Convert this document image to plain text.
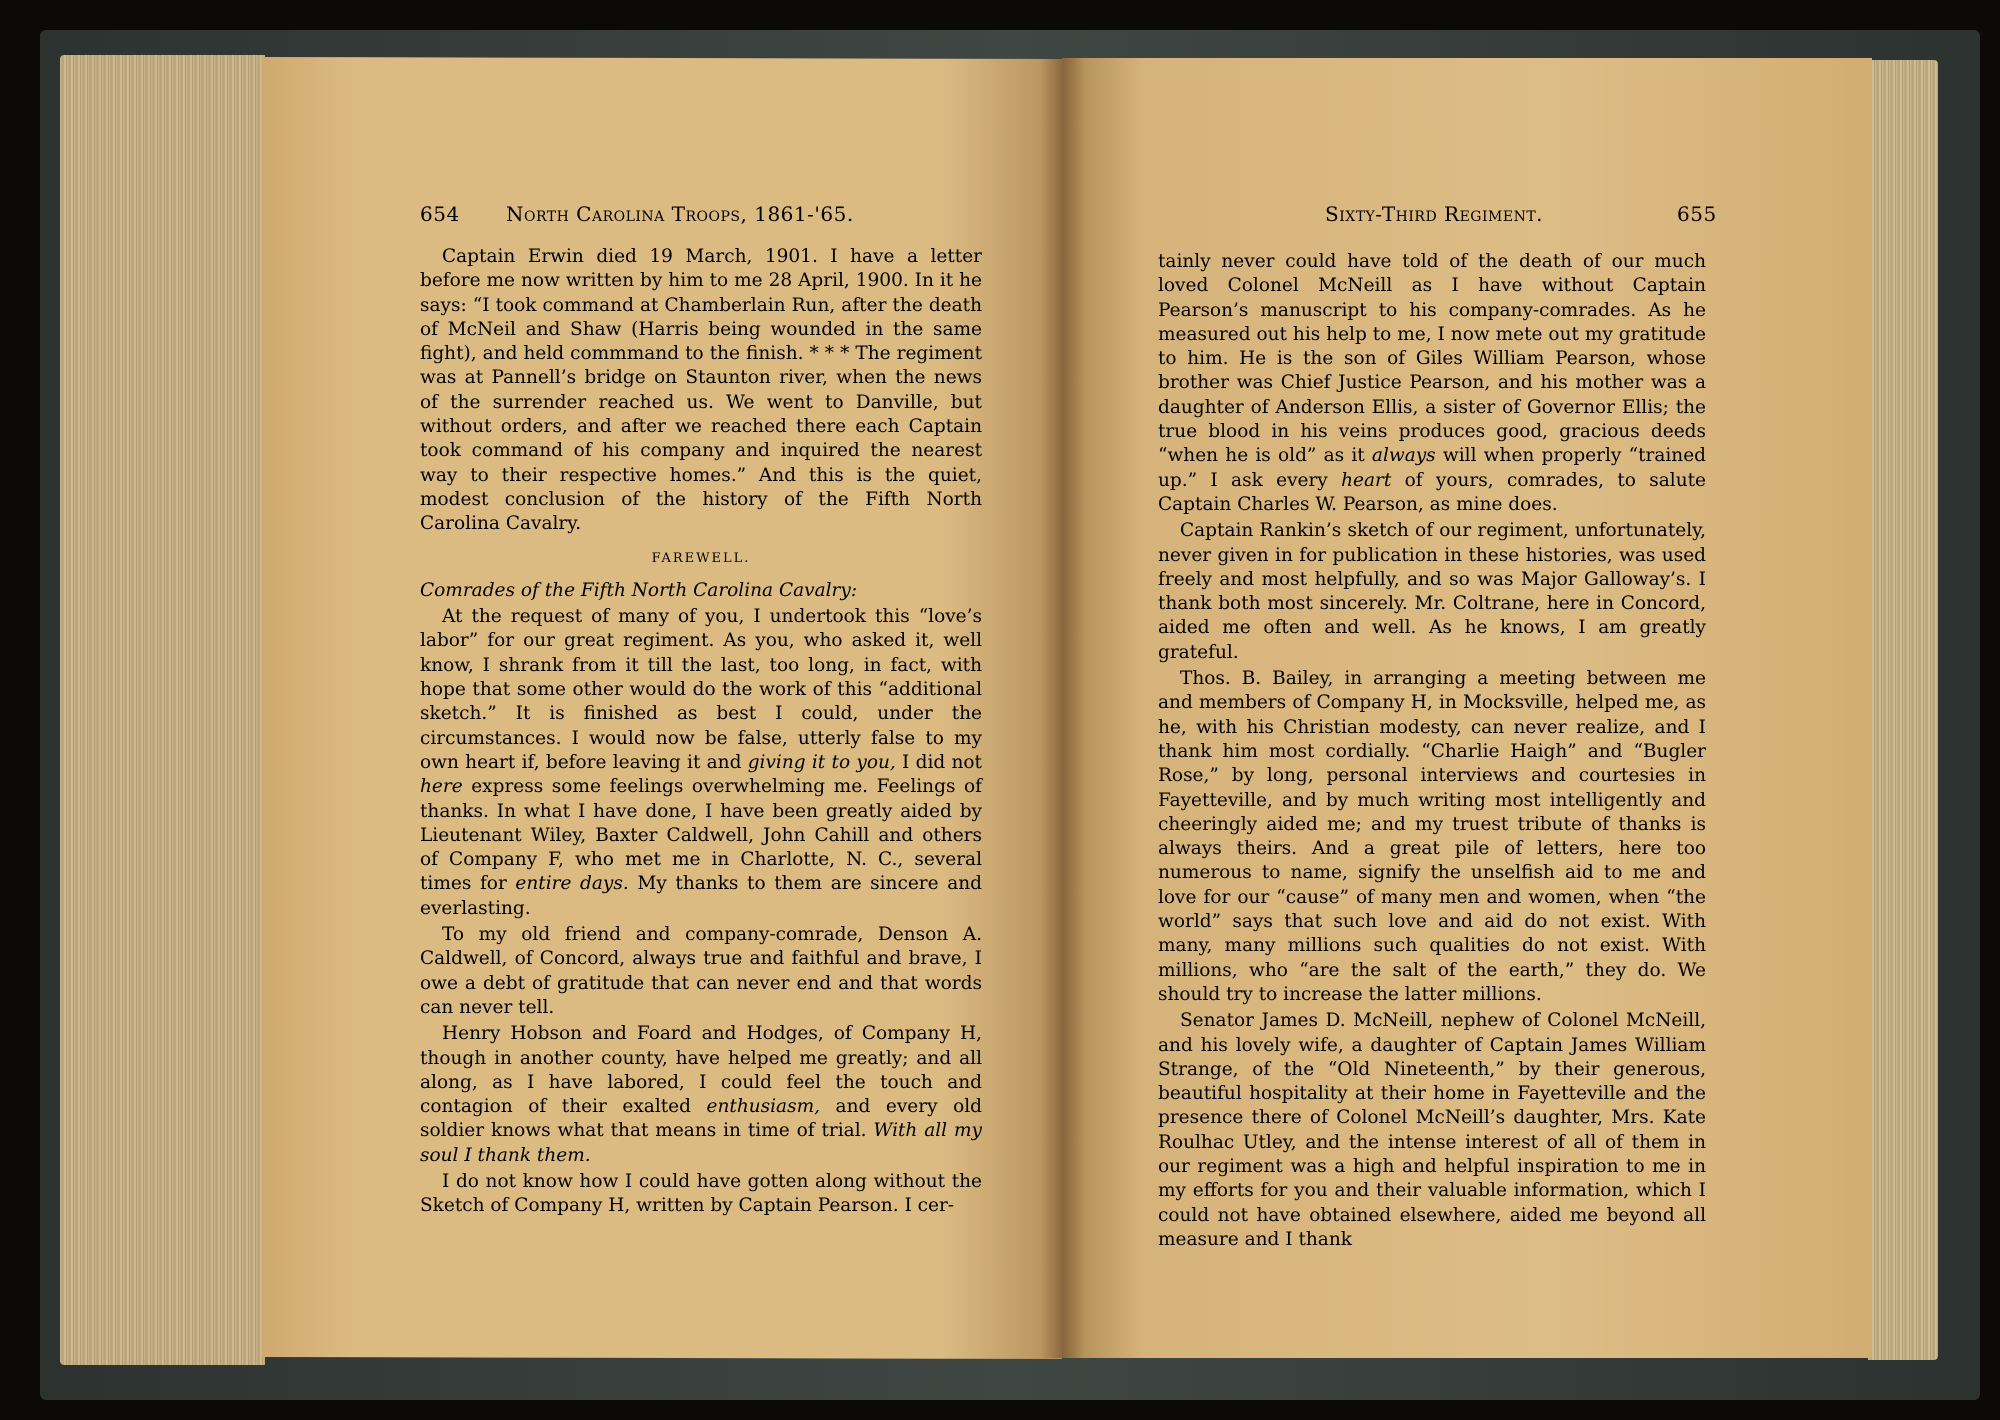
654 North Carolina Troops, 1861-'65.	Sixty-Third Regiment.	655

Captain Erwin died 19 March, 1901. I have a letter before me now written by him to me 28 April, 1900. In it he says: “I took command at Chamberlain Run, after the death of McNeil and Shaw (Harris being wounded in the same fight), and held commmand to the finish. * * * The regiment was at Pannell’s bridge on Staunton river, when the news of the surrender reached us. We went to Danville, but without orders, and after we reached there each Captain took command of his company and inquired the nearest way to their respective homes.” And this is the quiet, modest conclusion of the history of the Fifth North Carolina Cavalry.

FAREWELL.

Comrades of the Fifth North Carolina Cavalry:

At the request of many of you, I undertook this “love’s labor” for our great regiment. As you, who asked it, well know, I shrank from it till the last, too long, in fact, with hope that some other would do the work of this “additional sketch.” It is finished as best I could, under the circumstances. I would now be false, utterly false to my own heart if, before leaving it and giving it to you, I did not here express some feelings overwhelming me. Feelings of thanks. In what I have done, I have been greatly aided by Lieutenant Wiley, Baxter Caldwell, John Cahill and others of Company F, who met me in Charlotte, N. C., several times for entire days. My thanks to them are sincere and everlasting.

To my old friend and company-comrade, Denson A. Caldwell, of Concord, always true and faithful and brave, I owe a debt of gratitude that can never end and that words can never tell.

Henry Hobson and Foard and Hodges, of Company H, though in another county, have helped me greatly; and all along, as I have labored, I could feel the touch and contagion of their exalted enthusiasm, and every old soldier knows what that means in time of trial. With all my soul I thank them.

I do not know how I could have gotten along without the Sketch of Company H, written by Captain Pearson. I cer-

tainly never could have told of the death of our much loved Colonel McNeill as I have without Captain Pearson’s manuscript to his company-comrades. As he measured out his help to me, I now mete out my gratitude to him. He is the son of Giles William Pearson, whose brother was Chief Justice Pearson, and his mother was a daughter of Anderson Ellis, a sister of Governor Ellis; the true blood in his veins produces good, gracious deeds “when he is old” as it always will when properly “trained up.” I ask every heart of yours, comrades, to salute Captain Charles W. Pearson, as mine does.

Captain Rankin’s sketch of our regiment, unfortunately, never given in for publication in these histories, was used freely and most helpfully, and so was Major Galloway’s. I thank both most sincerely. Mr. Coltrane, here in Concord, aided me often and well. As he knows, I am greatly grateful.

Thos. B. Bailey, in arranging a meeting between me and members of Company H, in Mocksville, helped me, as he, with his Christian modesty, can never realize, and I thank him most cordially. “Charlie Haigh” and “Bugler Rose,” by long, personal interviews and courtesies in Fayetteville, and by much writing most intelligently and cheeringly aided me; and my truest tribute of thanks is always theirs. And a great pile of letters, here too numerous to name, signify the unselfish aid to me and love for our “cause” of many men and women, when “the world” says that such love and aid do not exist. With many, many millions such qualities do not exist. With millions, who “are the salt of the earth,” they do. We should try to increase the latter millions.

Senator James D. McNeill, nephew of Colonel McNeill, and his lovely wife, a daughter of Captain James William Strange, of the “Old Nineteenth,” by their generous, beautiful hospitality at their home in Fayetteville and the presence there of Colonel McNeill’s daughter, Mrs. Kate Roulhac Utley, and the intense interest of all of them in our regiment was a high and helpful inspiration to me in my efforts for you and their valuable information, which I could not have obtained elsewhere, aided me beyond all measure and I thank
